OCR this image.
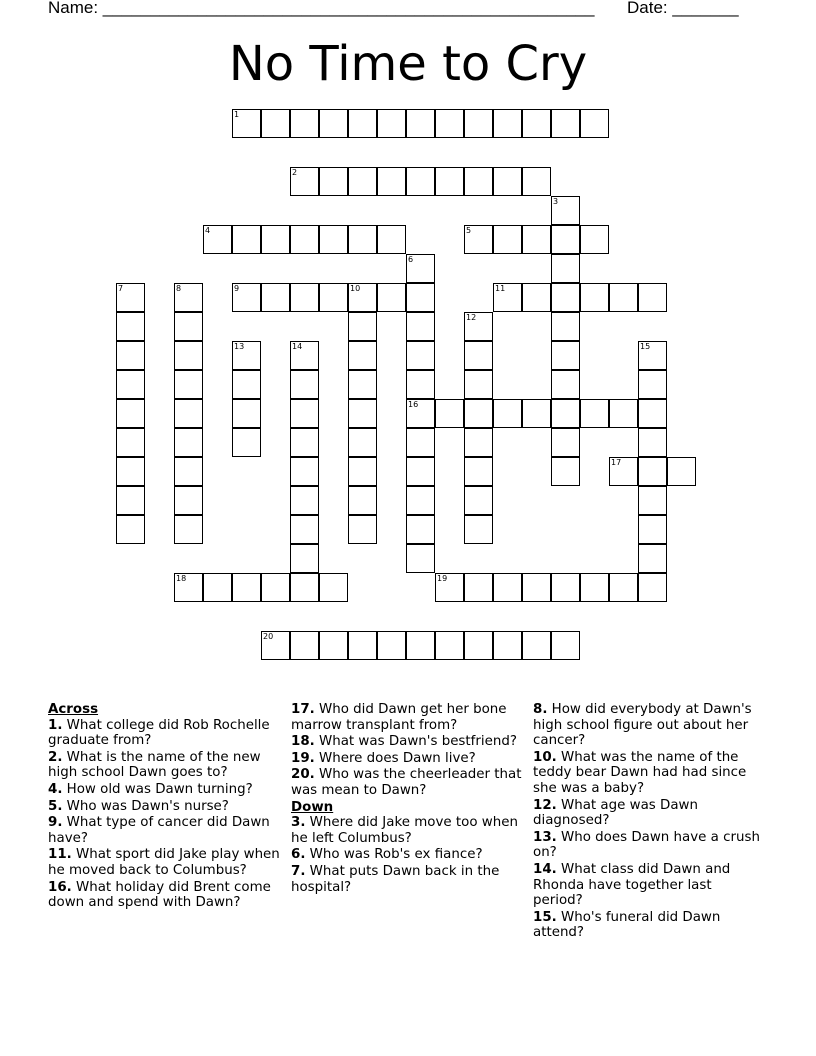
Name: ____________________________________________________ Date: _______
No Time to Cry
1
2
3
4	5
6
16
7	8	9	10	11
12
13	14	15
17
18	19
20
Across
1. What college did Rob Rochelle graduate from?
2. What is the name of the new high school Dawn goes to?
4. How old was Dawn turning?
5. Who was Dawn's nurse?
9. What type of cancer did Dawn have?
11. What sport did Jake play when he moved back to Columbus?
16. What holiday did Brent come down and spend with Dawn?
17. Who did Dawn get her bone marrow transplant from?
18. What was Dawn's bestfriend?
19. Where does Dawn live?
20. Who was the cheerleader that was mean to Dawn?
Down
3. Where did Jake move too when he left Columbus?
6. Who was Rob's ex fiance?
7. What puts Dawn back in the hospital?
8. How did everybody at Dawn's high school figure out about her cancer?
10. What was the name of the teddy bear Dawn had had since she was a baby?
12. What age was Dawn diagnosed?
13. Who does Dawn have a crush on?
14. What class did Dawn and Rhonda have together last period?
15. Who's funeral did Dawn attend?
